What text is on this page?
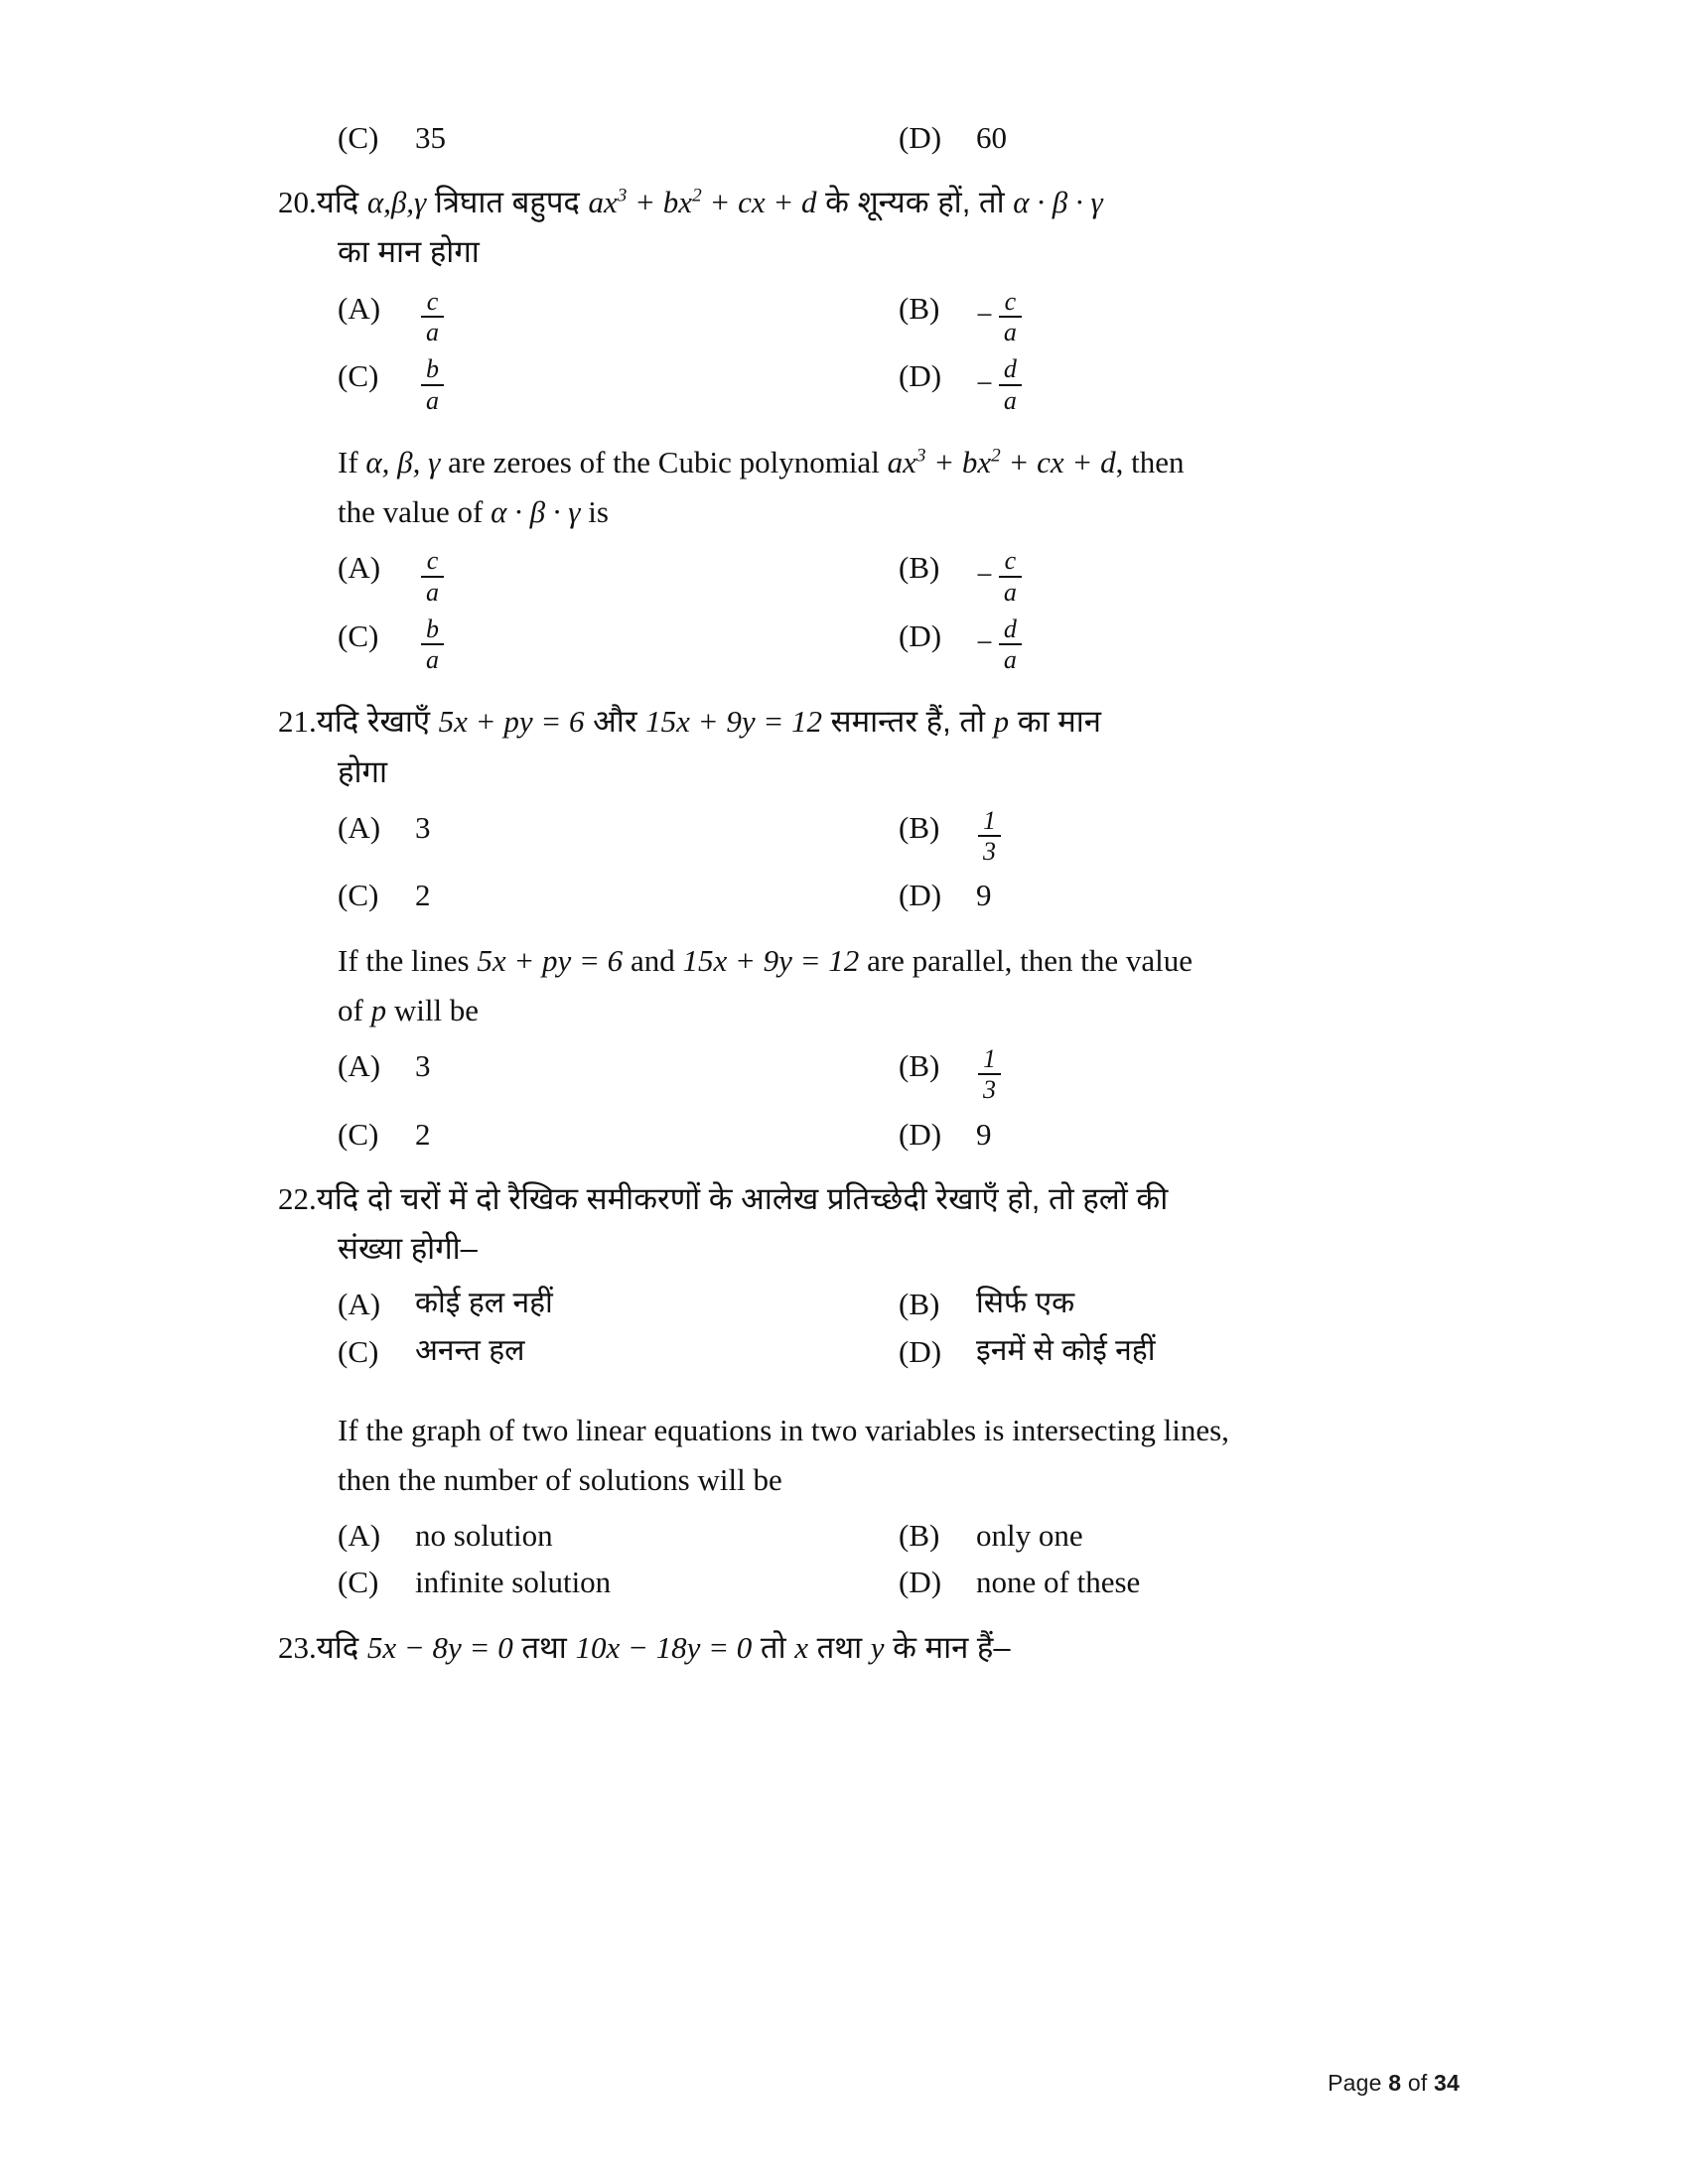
(C)	35	(D)	60
20. यदि α,β,γ त्रिघात बहुपद $ax^3 + bx^2$ + cx + d के शून्यक हों, तो α · β · γ
का मान होगा
(A)	$\frac{c}{a}$	(B)	− $\frac{c}{a}$
(C)	$\frac{b}{a}$	(D)	− $\frac{d}{a}$
If α, β, γ are zeroes of the Cubic polynomial $ax^3 + bx^2$ + cx + d, then
the value of α · β · γ is
(A)	$\frac{c}{a}$	(B)	− $\frac{c}{a}$
(C)	$\frac{b}{a}$	(D)	− $\frac{d}{a}$
21. यदि रेखाएँ 5x + py = 6 और 15x + 9y = 12 समान्तर हैं, तो p का मान
होगा
(A)	3	(B)	$\frac{1}{3}$
(C)	2	(D)	9
If the lines 5x + py = 6 and 15x + 9y = 12 are parallel, then the value
of p will be
(A)	3	(B)	$\frac{1}{3}$
(C)	2	(D)	9
22. यदि दो चरों में दो रैखिक समीकरणों के आलेख प्रतिच्छेदी रेखाएँ हो, तो हलों की
संख्या होगी–
(A)	कोई हल नहीं	(B)	सिर्फ एक
(C)	अनन्त हल	(D)	इनमें से कोई नहीं
If the graph of two linear equations in two variables is intersecting lines,
then the number of solutions will be
(A)	no solution	(B)	only one
(C)	infinite solution	(D)	none of these
23. यदि 5x − 8y = 0 तथा 10x − 18y = 0 तो x तथा y के मान हैं–
Page 8 of 34
